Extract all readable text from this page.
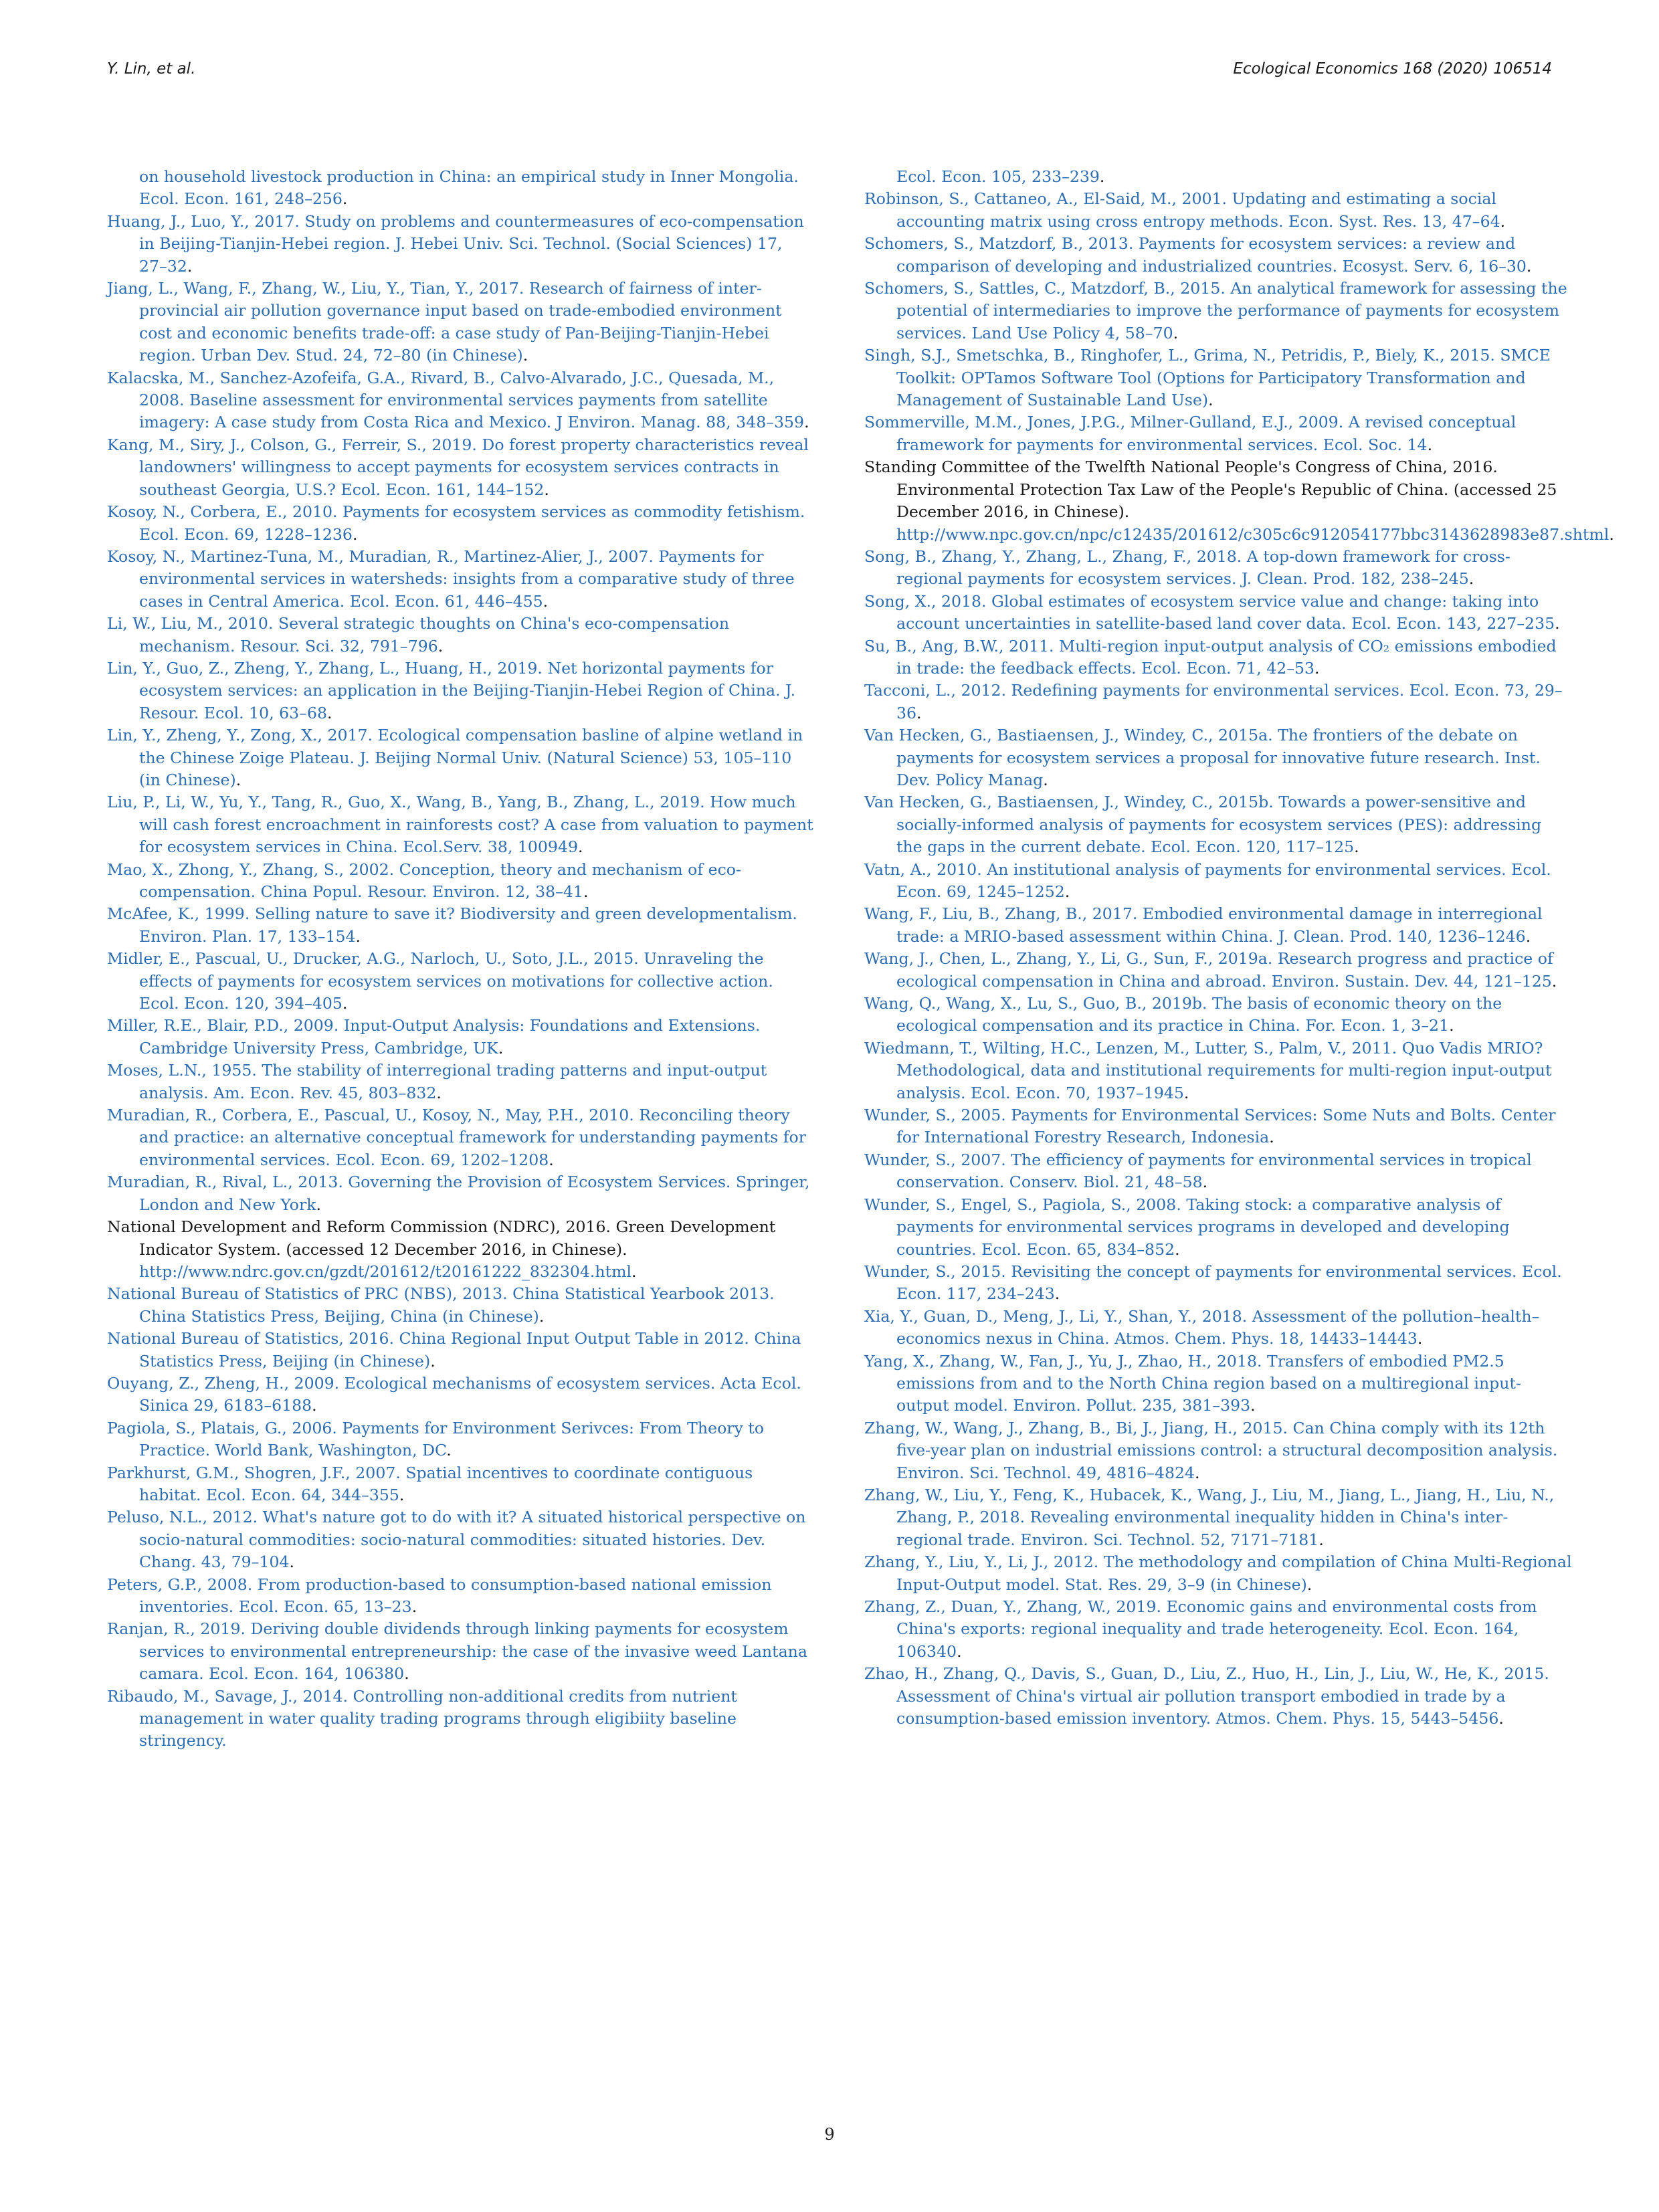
Y. Lin, et al.	Ecological Economics 168 (2020) 106514
on household livestock production in China: an empirical study in Inner Mongolia. Ecol. Econ. 161, 248–256.
Huang, J., Luo, Y., 2017. Study on problems and countermeasures of eco-compensation in Beijing-Tianjin-Hebei region. J. Hebei Univ. Sci. Technol. (Social Sciences) 17, 27–32.
Jiang, L., Wang, F., Zhang, W., Liu, Y., Tian, Y., 2017. Research of fairness of inter-provincial air pollution governance input based on trade-embodied environment cost and economic benefits trade-off: a case study of Pan-Beijing-Tianjin-Hebei region. Urban Dev. Stud. 24, 72–80 (in Chinese).
Kalacska, M., Sanchez-Azofeifa, G.A., Rivard, B., Calvo-Alvarado, J.C., Quesada, M., 2008. Baseline assessment for environmental services payments from satellite imagery: A case study from Costa Rica and Mexico. J Environ. Manag. 88, 348–359.
Kang, M., Siry, J., Colson, G., Ferreir, S., 2019. Do forest property characteristics reveal landowners' willingness to accept payments for ecosystem services contracts in southeast Georgia, U.S.? Ecol. Econ. 161, 144–152.
Kosoy, N., Corbera, E., 2010. Payments for ecosystem services as commodity fetishism. Ecol. Econ. 69, 1228–1236.
Kosoy, N., Martinez-Tuna, M., Muradian, R., Martinez-Alier, J., 2007. Payments for environmental services in watersheds: insights from a comparative study of three cases in Central America. Ecol. Econ. 61, 446–455.
Li, W., Liu, M., 2010. Several strategic thoughts on China's eco-compensation mechanism. Resour. Sci. 32, 791–796.
Lin, Y., Guo, Z., Zheng, Y., Zhang, L., Huang, H., 2019. Net horizontal payments for ecosystem services: an application in the Beijing-Tianjin-Hebei Region of China. J. Resour. Ecol. 10, 63–68.
Lin, Y., Zheng, Y., Zong, X., 2017. Ecological compensation basline of alpine wetland in the Chinese Zoige Plateau. J. Beijing Normal Univ. (Natural Science) 53, 105–110 (in Chinese).
Liu, P., Li, W., Yu, Y., Tang, R., Guo, X., Wang, B., Yang, B., Zhang, L., 2019. How much will cash forest encroachment in rainforests cost? A case from valuation to payment for ecosystem services in China. Ecol.Serv. 38, 100949.
Mao, X., Zhong, Y., Zhang, S., 2002. Conception, theory and mechanism of eco-compensation. China Popul. Resour. Environ. 12, 38–41.
McAfee, K., 1999. Selling nature to save it? Biodiversity and green developmentalism. Environ. Plan. 17, 133–154.
Midler, E., Pascual, U., Drucker, A.G., Narloch, U., Soto, J.L., 2015. Unraveling the effects of payments for ecosystem services on motivations for collective action. Ecol. Econ. 120, 394–405.
Miller, R.E., Blair, P.D., 2009. Input-Output Analysis: Foundations and Extensions. Cambridge University Press, Cambridge, UK.
Moses, L.N., 1955. The stability of interregional trading patterns and input-output analysis. Am. Econ. Rev. 45, 803–832.
Muradian, R., Corbera, E., Pascual, U., Kosoy, N., May, P.H., 2010. Reconciling theory and practice: an alternative conceptual framework for understanding payments for environmental services. Ecol. Econ. 69, 1202–1208.
Muradian, R., Rival, L., 2013. Governing the Provision of Ecosystem Services. Springer, London and New York.
National Development and Reform Commission (NDRC), 2016. Green Development Indicator System. (accessed 12 December 2016, in Chinese). http://www.ndrc.gov.cn/gzdt/201612/t20161222_832304.html.
National Bureau of Statistics of PRC (NBS), 2013. China Statistical Yearbook 2013. China Statistics Press, Beijing, China (in Chinese).
National Bureau of Statistics, 2016. China Regional Input Output Table in 2012. China Statistics Press, Beijing (in Chinese).
Ouyang, Z., Zheng, H., 2009. Ecological mechanisms of ecosystem services. Acta Ecol. Sinica 29, 6183–6188.
Pagiola, S., Platais, G., 2006. Payments for Environment Serivces: From Theory to Practice. World Bank, Washington, DC.
Parkhurst, G.M., Shogren, J.F., 2007. Spatial incentives to coordinate contiguous habitat. Ecol. Econ. 64, 344–355.
Peluso, N.L., 2012. What's nature got to do with it? A situated historical perspective on socio-natural commodities: socio-natural commodities: situated histories. Dev. Chang. 43, 79–104.
Peters, G.P., 2008. From production-based to consumption-based national emission inventories. Ecol. Econ. 65, 13–23.
Ranjan, R., 2019. Deriving double dividends through linking payments for ecosystem services to environmental entrepreneurship: the case of the invasive weed Lantana camara. Ecol. Econ. 164, 106380.
Ribaudo, M., Savage, J., 2014. Controlling non-additional credits from nutrient management in water quality trading programs through eligibiity baseline stringency.
Ecol. Econ. 105, 233–239.
Robinson, S., Cattaneo, A., El-Said, M., 2001. Updating and estimating a social accounting matrix using cross entropy methods. Econ. Syst. Res. 13, 47–64.
Schomers, S., Matzdorf, B., 2013. Payments for ecosystem services: a review and comparison of developing and industrialized countries. Ecosyst. Serv. 6, 16–30.
Schomers, S., Sattles, C., Matzdorf, B., 2015. An analytical framework for assessing the potential of intermediaries to improve the performance of payments for ecosystem services. Land Use Policy 4, 58–70.
Singh, S.J., Smetschka, B., Ringhofer, L., Grima, N., Petridis, P., Biely, K., 2015. SMCE Toolkit: OPTamos Software Tool (Options for Participatory Transformation and Management of Sustainable Land Use).
Sommerville, M.M., Jones, J.P.G., Milner-Gulland, E.J., 2009. A revised conceptual framework for payments for environmental services. Ecol. Soc. 14.
Standing Committee of the Twelfth National People's Congress of China, 2016. Environmental Protection Tax Law of the People's Republic of China. (accessed 25 December 2016, in Chinese). http://www.npc.gov.cn/npc/c12435/201612/c305c6c912054177bbc3143628983e87.shtml.
Song, B., Zhang, Y., Zhang, L., Zhang, F., 2018. A top-down framework for cross-regional payments for ecosystem services. J. Clean. Prod. 182, 238–245.
Song, X., 2018. Global estimates of ecosystem service value and change: taking into account uncertainties in satellite-based land cover data. Ecol. Econ. 143, 227–235.
Su, B., Ang, B.W., 2011. Multi-region input-output analysis of CO₂ emissions embodied in trade: the feedback effects. Ecol. Econ. 71, 42–53.
Tacconi, L., 2012. Redefining payments for environmental services. Ecol. Econ. 73, 29–36.
Van Hecken, G., Bastiaensen, J., Windey, C., 2015a. The frontiers of the debate on payments for ecosystem services a proposal for innovative future research. Inst. Dev. Policy Manag.
Van Hecken, G., Bastiaensen, J., Windey, C., 2015b. Towards a power-sensitive and socially-informed analysis of payments for ecosystem services (PES): addressing the gaps in the current debate. Ecol. Econ. 120, 117–125.
Vatn, A., 2010. An institutional analysis of payments for environmental services. Ecol. Econ. 69, 1245–1252.
Wang, F., Liu, B., Zhang, B., 2017. Embodied environmental damage in interregional trade: a MRIO-based assessment within China. J. Clean. Prod. 140, 1236–1246.
Wang, J., Chen, L., Zhang, Y., Li, G., Sun, F., 2019a. Research progress and practice of ecological compensation in China and abroad. Environ. Sustain. Dev. 44, 121–125.
Wang, Q., Wang, X., Lu, S., Guo, B., 2019b. The basis of economic theory on the ecological compensation and its practice in China. For. Econ. 1, 3–21.
Wiedmann, T., Wilting, H.C., Lenzen, M., Lutter, S., Palm, V., 2011. Quo Vadis MRIO? Methodological, data and institutional requirements for multi-region input-output analysis. Ecol. Econ. 70, 1937–1945.
Wunder, S., 2005. Payments for Environmental Services: Some Nuts and Bolts. Center for International Forestry Research, Indonesia.
Wunder, S., 2007. The efficiency of payments for environmental services in tropical conservation. Conserv. Biol. 21, 48–58.
Wunder, S., Engel, S., Pagiola, S., 2008. Taking stock: a comparative analysis of payments for environmental services programs in developed and developing countries. Ecol. Econ. 65, 834–852.
Wunder, S., 2015. Revisiting the concept of payments for environmental services. Ecol. Econ. 117, 234–243.
Xia, Y., Guan, D., Meng, J., Li, Y., Shan, Y., 2018. Assessment of the pollution–health–economics nexus in China. Atmos. Chem. Phys. 18, 14433–14443.
Yang, X., Zhang, W., Fan, J., Yu, J., Zhao, H., 2018. Transfers of embodied PM2.5 emissions from and to the North China region based on a multiregional input-output model. Environ. Pollut. 235, 381–393.
Zhang, W., Wang, J., Zhang, B., Bi, J., Jiang, H., 2015. Can China comply with its 12th five-year plan on industrial emissions control: a structural decomposition analysis. Environ. Sci. Technol. 49, 4816–4824.
Zhang, W., Liu, Y., Feng, K., Hubacek, K., Wang, J., Liu, M., Jiang, L., Jiang, H., Liu, N., Zhang, P., 2018. Revealing environmental inequality hidden in China's inter-regional trade. Environ. Sci. Technol. 52, 7171–7181.
Zhang, Y., Liu, Y., Li, J., 2012. The methodology and compilation of China Multi-Regional Input-Output model. Stat. Res. 29, 3–9 (in Chinese).
Zhang, Z., Duan, Y., Zhang, W., 2019. Economic gains and environmental costs from China's exports: regional inequality and trade heterogeneity. Ecol. Econ. 164, 106340.
Zhao, H., Zhang, Q., Davis, S., Guan, D., Liu, Z., Huo, H., Lin, J., Liu, W., He, K., 2015. Assessment of China's virtual air pollution transport embodied in trade by a consumption-based emission inventory. Atmos. Chem. Phys. 15, 5443–5456.
9
